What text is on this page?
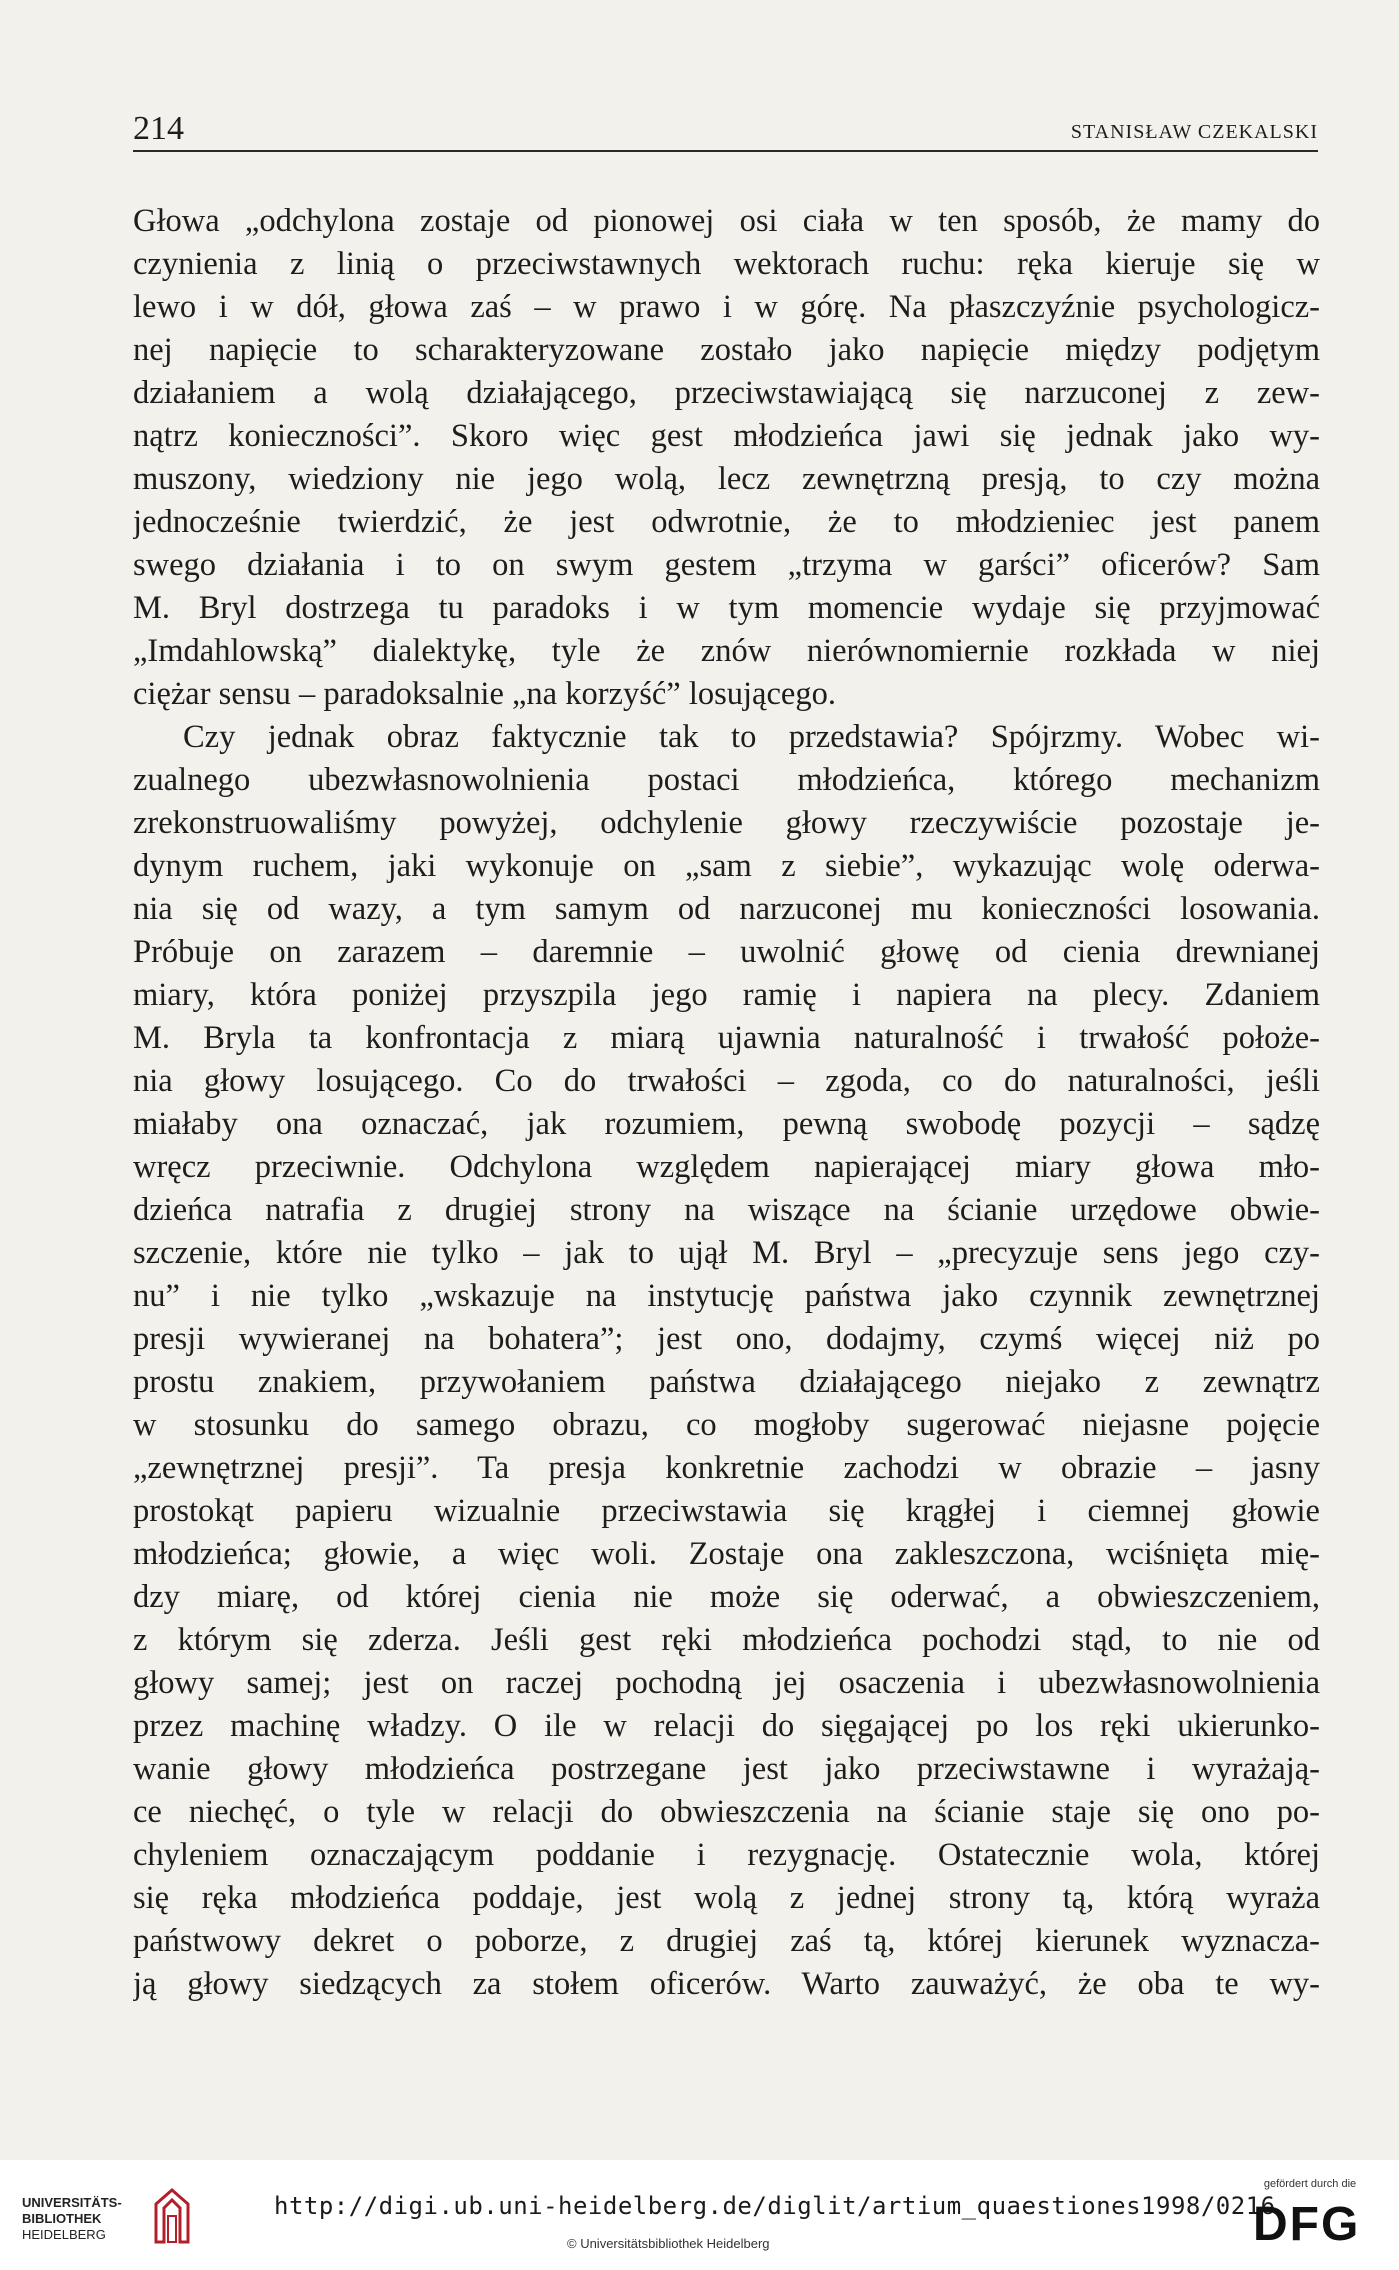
214	STANISŁAW CZEKALSKI
Głowa „odchylona zostaje od pionowej osi ciała w ten sposób, że mamy do
czynienia z linią o przeciwstawnych wektorach ruchu: ręka kieruje się w
lewo i w dół, głowa zaś – w prawo i w górę. Na płaszczyźnie psychologicz-
nej napięcie to scharakteryzowane zostało jako napięcie między podjętym
działaniem a wolą działającego, przeciwstawiającą się narzuconej z zew-
nątrz konieczności”. Skoro więc gest młodzieńca jawi się jednak jako wy-
muszony, wiedziony nie jego wolą, lecz zewnętrzną presją, to czy można
jednocześnie twierdzić, że jest odwrotnie, że to młodzieniec jest panem
swego działania i to on swym gestem „trzyma w garści” oficerów? Sam
M. Bryl dostrzega tu paradoks i w tym momencie wydaje się przyjmować
„Imdahlowską” dialektykę, tyle że znów nierównomiernie rozkłada w niej
ciężar sensu – paradoksalnie „na korzyść” losującego.
Czy jednak obraz faktycznie tak to przedstawia? Spójrzmy. Wobec wi-
zualnego ubezwłasnowolnienia postaci młodzieńca, którego mechanizm
zrekonstruowaliśmy powyżej, odchylenie głowy rzeczywiście pozostaje je-
dynym ruchem, jaki wykonuje on „sam z siebie”, wykazując wolę oderwa-
nia się od wazy, a tym samym od narzuconej mu konieczności losowania.
Próbuje on zarazem – daremnie – uwolnić głowę od cienia drewnianej
miary, która poniżej przyszpila jego ramię i napiera na plecy. Zdaniem
M. Bryla ta konfrontacja z miarą ujawnia naturalność i trwałość położe-
nia głowy losującego. Co do trwałości – zgoda, co do naturalności, jeśli
miałaby ona oznaczać, jak rozumiem, pewną swobodę pozycji – sądzę
wręcz przeciwnie. Odchylona względem napierającej miary głowa mło-
dzieńca natrafia z drugiej strony na wiszące na ścianie urzędowe obwie-
szczenie, które nie tylko – jak to ujął M. Bryl – „precyzuje sens jego czy-
nu” i nie tylko „wskazuje na instytucję państwa jako czynnik zewnętrznej
presji wywieranej na bohatera”; jest ono, dodajmy, czymś więcej niż po
prostu znakiem, przywołaniem państwa działającego niejako z zewnątrz
w stosunku do samego obrazu, co mogłoby sugerować niejasne pojęcie
„zewnętrznej presji”. Ta presja konkretnie zachodzi w obrazie – jasny
prostokąt papieru wizualnie przeciwstawia się krągłej i ciemnej głowie
młodzieńca; głowie, a więc woli. Zostaje ona zakleszczona, wciśnięta mię-
dzy miarę, od której cienia nie może się oderwać, a obwieszczeniem,
z którym się zderza. Jeśli gest ręki młodzieńca pochodzi stąd, to nie od
głowy samej; jest on raczej pochodną jej osaczenia i ubezwłasnowolnienia
przez machinę władzy. O ile w relacji do sięgającej po los ręki ukierunko-
wanie głowy młodzieńca postrzegane jest jako przeciwstawne i wyrażają-
ce niechęć, o tyle w relacji do obwieszczenia na ścianie staje się ono po-
chyleniem oznaczającym poddanie i rezygnację. Ostatecznie wola, której
się ręka młodzieńca poddaje, jest wolą z jednej strony tą, którą wyraża
państwowy dekret o poborze, z drugiej zaś tą, której kierunek wyznacza-
ją głowy siedzących za stołem oficerów. Warto zauważyć, że oba te wy-
UNIVERSITÄTS-
BIBLIOTHEK
HEIDELBERG
http://digi.ub.uni-heidelberg.de/diglit/artium_quaestiones1998/0216
© Universitätsbibliothek Heidelberg
gefördert durch die
DFG
